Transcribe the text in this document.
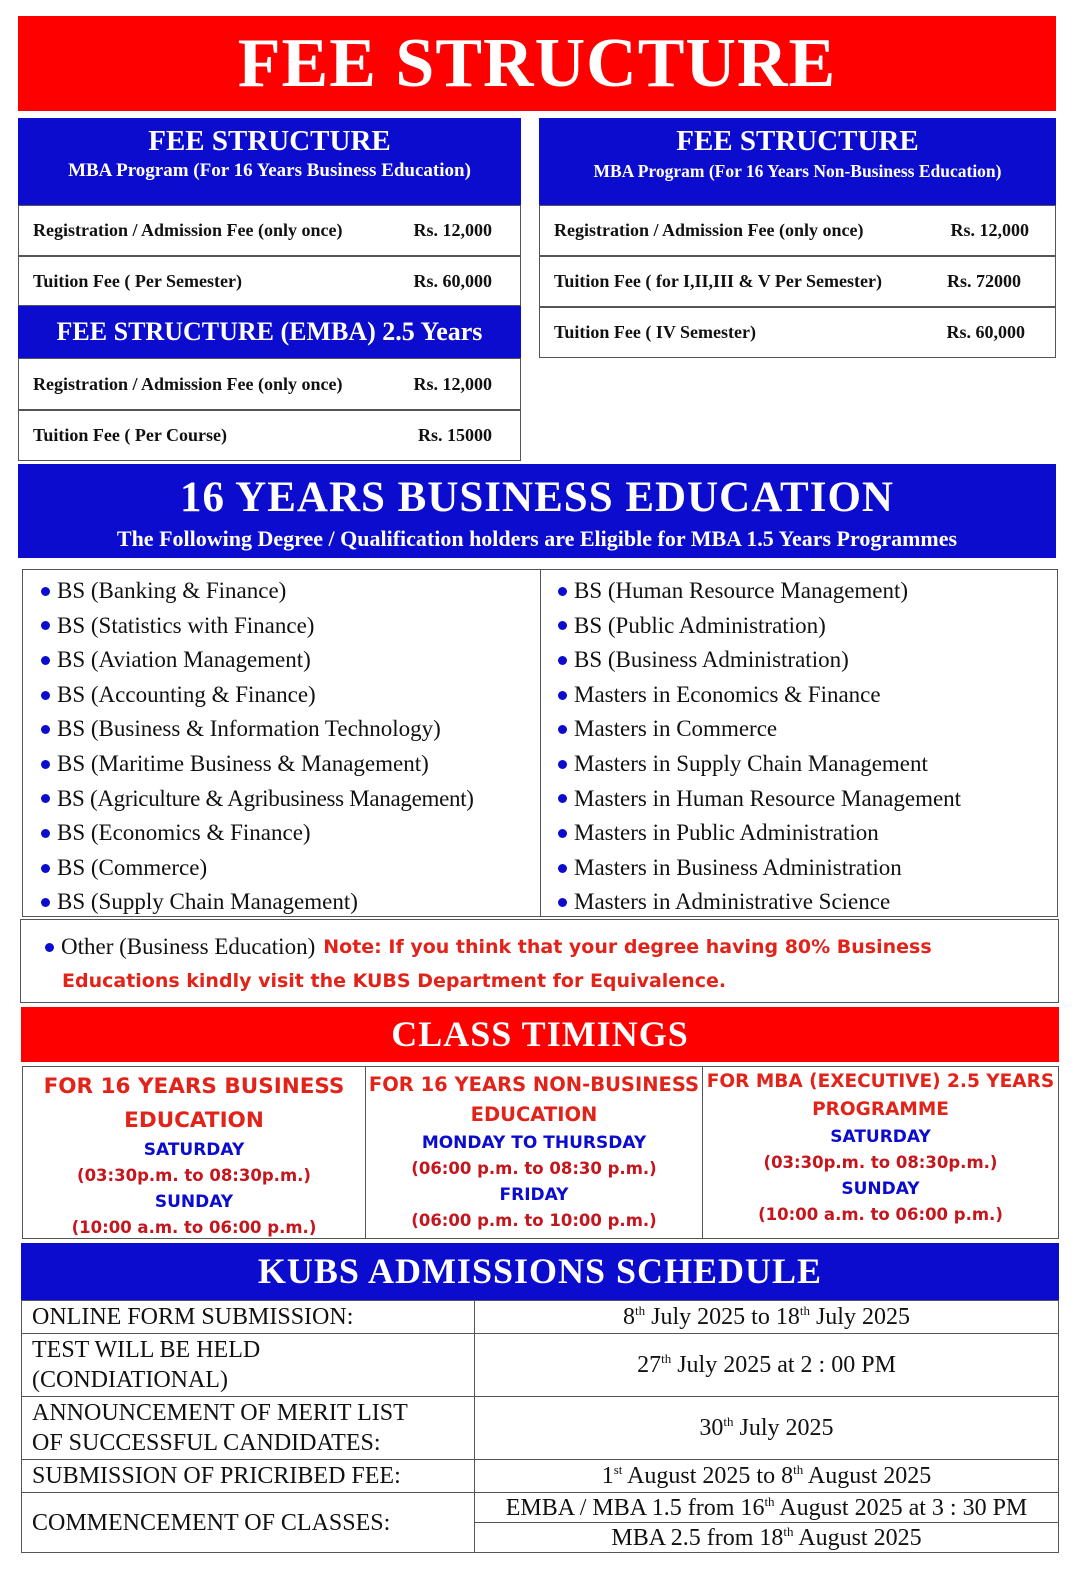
FEE STRUCTURE
FEE STRUCTURE
MBA Program (For 16 Years Business Education)
Registration / Admission Fee (only once)	Rs. 12,000
Tuition Fee ( Per Semester)	Rs. 60,000
FEE STRUCTURE (EMBA) 2.5 Years
Registration / Admission Fee (only once)	Rs. 12,000
Tuition Fee ( Per Course)	Rs. 15000
FEE STRUCTURE
MBA Program (For 16 Years Non-Business Education)
Registration / Admission Fee (only once)	Rs. 12,000
Tuition Fee ( for I,II,III & V Per Semester)	Rs. 72000
Tuition Fee ( IV Semester)	Rs. 60,000
16 YEARS BUSINESS EDUCATION
The Following Degree / Qualification holders are Eligible for MBA 1.5 Years Programmes
BS (Banking & Finance)
BS (Statistics with Finance)
BS (Aviation Management)
BS (Accounting & Finance)
BS (Business & Information Technology)
BS (Maritime Business & Management)
BS (Agriculture & Agribusiness Management)
BS (Economics & Finance)
BS (Commerce)
BS (Supply Chain Management)
BS (Human Resource Management)
BS (Public Administration)
BS (Business Administration)
Masters in Economics & Finance
Masters in Commerce
Masters in Supply Chain Management
Masters in Human Resource Management
Masters in Public Administration
Masters in Business Administration
Masters in Administrative Science
Other (Business Education) Note: If you think that your degree having 80% Business
Educations kindly visit the KUBS Department for Equivalence.
CLASS TIMINGS
FOR 16 YEARS BUSINESS
EDUCATION
SATURDAY
(03:30p.m. to 08:30p.m.)
SUNDAY
(10:00 a.m. to 06:00 p.m.)
FOR 16 YEARS NON-BUSINESS
EDUCATION
MONDAY TO THURSDAY
(06:00 p.m. to 08:30 p.m.)
FRIDAY
(06:00 p.m. to 10:00 p.m.)
FOR MBA (EXECUTIVE) 2.5 YEARS
PROGRAMME
SATURDAY
(03:30p.m. to 08:30p.m.)
SUNDAY
(10:00 a.m. to 06:00 p.m.)
KUBS ADMISSIONS SCHEDULE
ONLINE FORM SUBMISSION:	8th July 2025 to 18th July 2025

TEST WILL BE HELD
(CONDIATIONAL)	27th July 2025 at 2 : 00 PM

ANNOUNCEMENT OF MERIT LIST
OF SUCCESSFUL CANDIDATES:	30th July 2025
SUBMISSION OF PRICRIBED FEE:	1st August 2025 to 8th August 2025
COMMENCEMENT OF CLASSES:	EMBA / MBA 1.5 from 16th August 2025 at 3 : 30 PM
	MBA 2.5 from 18th August 2025
